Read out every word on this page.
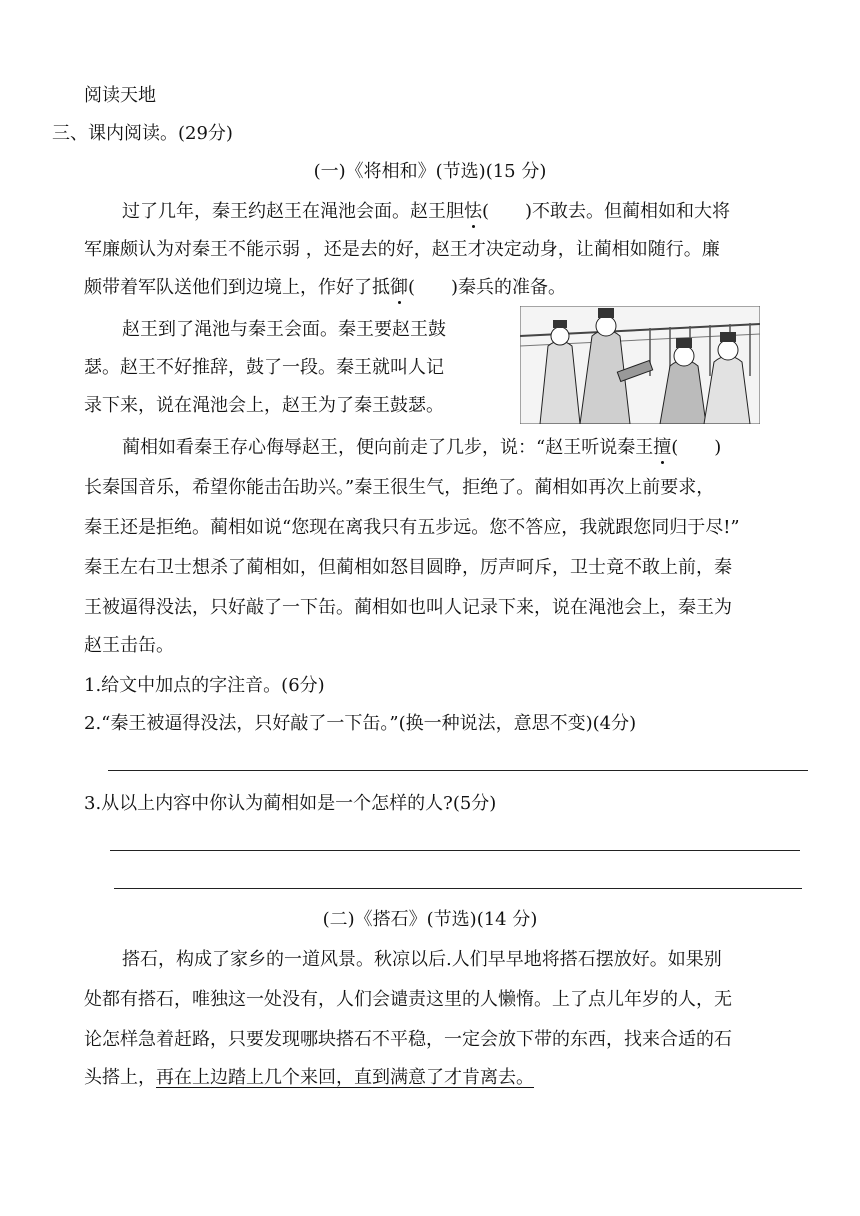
阅读天地
三、课内阅读。(29分)
(一)《将相和》(节选)(15 分)
过了几年，秦王约赵王在渑池会面。赵王胆怯( )不敢去。但蔺相如和大将
军廉颇认为对秦王不能示弱 ，还是去的好，赵王才决定动身，让蔺相如随行。廉
颇带着军队送他们到边境上，作好了抵御( )秦兵的准备。
赵王到了渑池与秦王会面。秦王要赵王鼓
瑟。赵王不好推辞，鼓了一段。秦王就叫人记
录下来，说在渑池会上，赵王为了秦王鼓瑟。
蔺相如看秦王存心侮辱赵王，便向前走了几步，说：“赵王听说秦王擅( )
长秦国音乐，希望你能击缶助兴。”秦王很生气，拒绝了。蔺相如再次上前要求，
秦王还是拒绝。蔺相如说“您现在离我只有五步远。您不答应，我就跟您同归于尽!”
秦王左右卫士想杀了蔺相如，但蔺相如怒目圆睁，厉声呵斥，卫士竟不敢上前，秦
王被逼得没法，只好敲了一下缶。蔺相如也叫人记录下来，说在渑池会上，秦王为
赵王击缶。
1.给文中加点的字注音。(6分)
2.“秦王被逼得没法，只好敲了一下缶。”(换一种说法，意思不变)(4分)
3.从以上内容中你认为蔺相如是一个怎样的人?(5分)
(二)《搭石》(节选)(14 分)
搭石，构成了家乡的一道风景。秋凉以后.人们早早地将搭石摆放好。如果别
处都有搭石，唯独这一处没有，人们会谴责这里的人懒惰。上了点儿年岁的人，无
论怎样急着赶路，只要发现哪块搭石不平稳，一定会放下带的东西，找来合适的石
头搭上，再在上边踏上几个来回，直到满意了才肯离去。
